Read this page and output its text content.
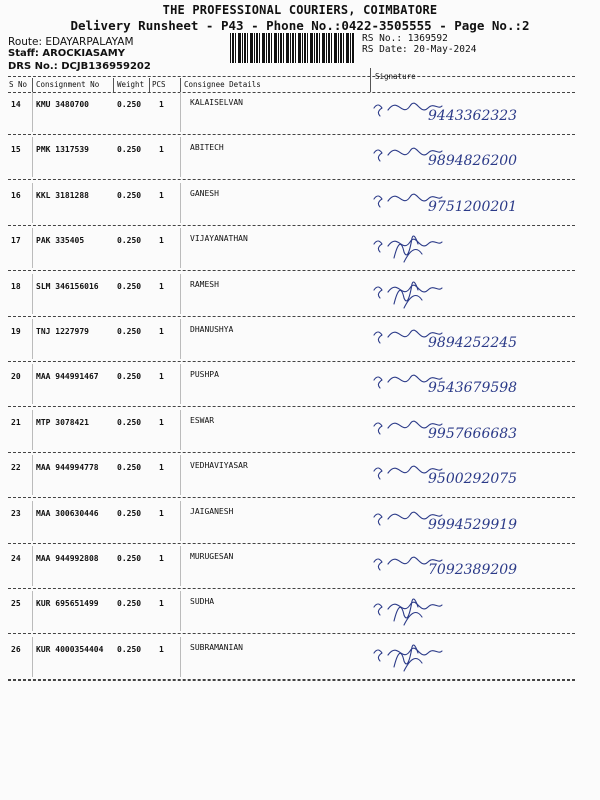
THE PROFESSIONAL COURIERS, COIMBATORE
Delivery Runsheet - P43 - Phone No.:0422-3505555 - Page No.:2
Route: EDAYARPALAYAM
Staff: AROCKIASAMY
DRS No.: DCJB136959202
RS No.: 1369592
RS Date: 20-May-2024
S No Consignment No Weight PCS Consignee Details
Signature
14 KMU 3480700	0.250 1	KALAISELVAN
9443362323
15 PMK 1317539	0.250 1	ABITECH
9894826200
16 KKL 3181288	0.250 1	GANESH
9751200201
17 PAK 335405	0.250 1	VIJAYANATHAN
18 SLM 346156016 0.250 1	RAMESH
19 TNJ 1227979	0.250 1	DHANUSHYA
9894252245
20 MAA 944991467 0.250 1	PUSHPA
9543679598
21 MTP 3078421	0.250 1	ESWAR
9957666683
22 MAA 944994778 0.250 1	VEDHAVIYASAR
9500292075
23 MAA 300630446 0.250 1	JAIGANESH
9994529919
24 MAA 944992808 0.250 1	MURUGESAN
7092389209
25 KUR 695651499 0.250 1	SUDHA
26 KUR 4000354404 0.250 1	SUBRAMANIAN
